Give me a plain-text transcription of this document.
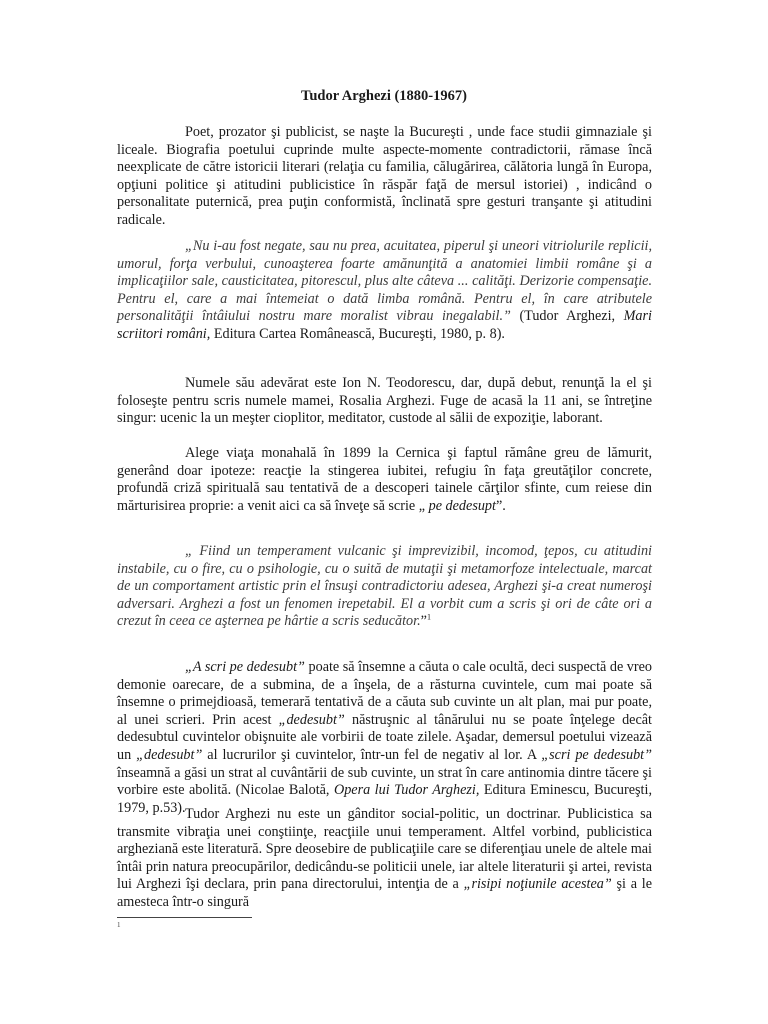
Tudor Arghezi (1880-1967)

Poet, prozator şi publicist, se naşte la Bucureşti , unde face studii gimnaziale şi liceale. Biografia poetului cuprinde multe aspecte-momente contradictorii, rămase încă neexplicate de către istoricii literari (relaţia cu familia, călugărirea, călătoria lungă în Europa, opţiuni politice şi atitudini publicistice în răspăr faţă de mersul istoriei) , indicând o personalitate puternică, prea puţin conformistă, înclinată spre gesturi tranşante şi atitudini radicale.

„Nu i-au fost negate, sau nu prea, acuitatea, piperul şi uneori vitriolurile replicii, umorul, forţa verbului, cunoaşterea foarte amănunţită a anatomiei limbii române şi a implicaţiilor sale, causticitatea, pitorescul, plus alte câteva ... calităţi. Derizorie compensaţie. Pentru el, care a mai întemeiat o dată limba română. Pentru el, în care atributele personalităţii întâiului nostru mare moralist vibrau inegalabil.” (Tudor Arghezi, Mari scriitori români, Editura Cartea Românească, Bucureşti, 1980, p. 8).

Numele său adevărat este Ion N. Teodorescu, dar, după debut, renunţă la el şi foloseşte pentru scris numele mamei, Rosalia Arghezi. Fuge de acasă la 11 ani, se întreţine singur: ucenic la un meşter cioplitor, meditator, custode al sălii de expoziţie, laborant.

Alege viaţa monahală în 1899 la Cernica şi faptul rămâne greu de lămurit, generând doar ipoteze: reacţie la stingerea iubitei, refugiu în faţa greutăţilor concrete, profundă criză spirituală sau tentativă de a descoperi tainele cărţilor sfinte, cum reiese din mărturisirea proprie: a venit aici ca să înveţe să scrie „ pe dedesupt”.

„ Fiind un temperament vulcanic şi imprevizibil, incomod, ţepos, cu atitudini instabile, cu o fire, cu o psihologie, cu o suită de mutaţii şi metamorfoze intelectuale, marcat de un comportament artistic prin el însuşi contradictoriu adesea, Arghezi şi-a creat numeroşi adversari. Arghezi a fost un fenomen irepetabil. El a vorbit cum a scris şi ori de câte ori a crezut în ceea ce aşternea pe hârtie a scris seducător.”$^1$

„A scri pe dedesubt” poate să însemne a căuta o cale ocultă, deci suspectă de vreo demonie oarecare, de a submina, de a înşela, de a răsturna cuvintele, cum mai poate să însemne o primejdioasă, temerară tentativă de a căuta sub cuvinte un alt plan, mai pur poate, al unei scrieri. Prin acest „dedesubt” năstruşnic al tânărului nu se poate înţelege decât dedesubtul cuvintelor obişnuite ale vorbirii de toate zilele. Aşadar, demersul poetului vizează un „dedesubt” al lucrurilor şi cuvintelor, într-un fel de negativ al lor. A „scri pe dedesubt” înseamnă a găsi un strat al cuvântării de sub cuvinte, un strat în care antinomia dintre tăcere şi vorbire este abolită. (Nicolae Balotă, Opera lui Tudor Arghezi, Editura Eminescu, Bucureşti, 1979, p.53). Tudor Arghezi nu este un gânditor social-politic, un doctrinar. Publicistica sa transmite vibraţia unei conştiinţe, reacţiile unui temperament. Altfel vorbind, publicistica argheziană este literatură. Spre deosebire de publicaţiile care se diferenţiau unele de altele mai întâi prin natura preocupărilor, dedicându-se politicii unele, iar altele literaturii şi artei, revista lui Arghezi îşi declara, prin pana directorului, intenţia de a „risipi noţiunile acestea” şi a le amesteca într-o singură

1
